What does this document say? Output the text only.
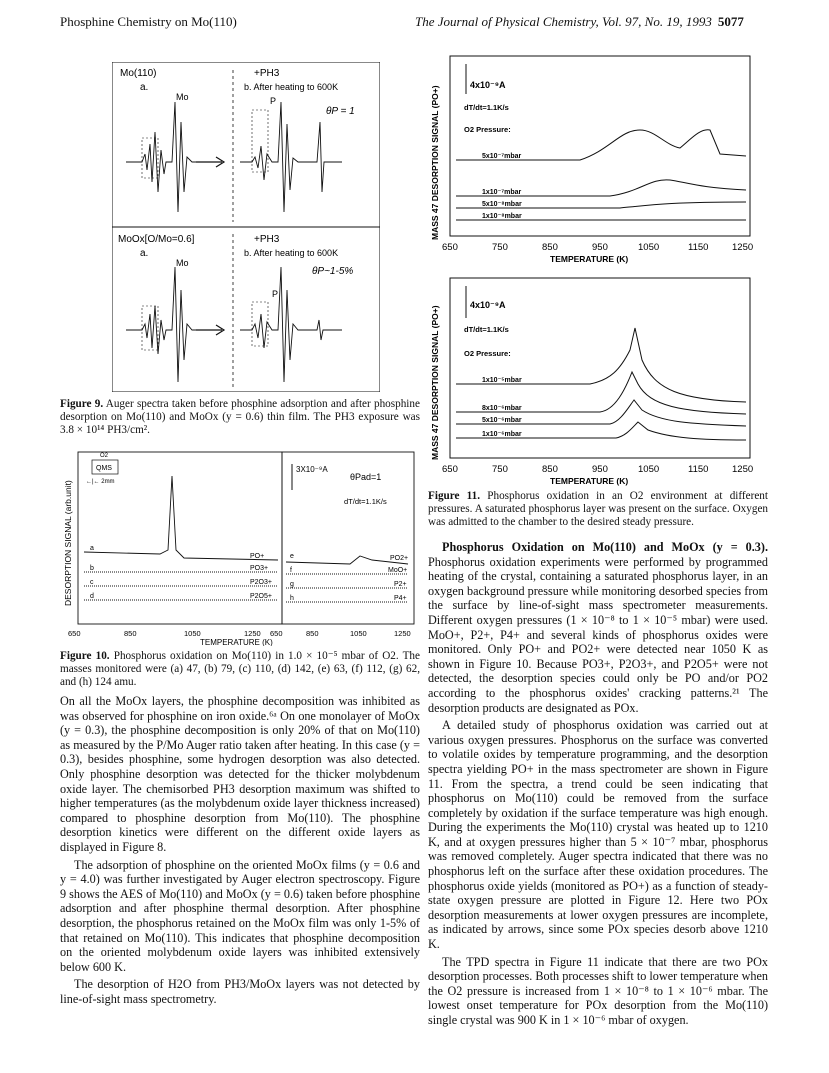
Phosphine Chemistry on Mo(110)	The Journal of Physical Chemistry, Vol. 97, No. 19, 1993 5077
Mo(110)
a.
Mo
+PH3
b. After heating to 600K
P
θP = 1
MoOx[O/Mo=0.6]
a.
Mo
+PH3
b. After heating to 600K
P
θP~1-5%
Figure 9. Auger spectra taken before phosphine adsorption and after phosphine desorption on Mo(110) and MoOx (y = 0.6) thin film. The PH3 exposure was 3.8 × 10¹⁴ PH3/cm².
DESORPTION SIGNAL (arb.unit)
QMS
O2
←|← 2mm
3X10⁻⁹A
θPad=1
dT/dt=1.1K/s
a
b
c
d
PO+
PO3+
P2O3+
P2O5+
e
f
g
h
PO2+
MoO+
P2+
P4+
650	850	1050	1250 650	850	1050	1250
TEMPERATURE (K)
Figure 10. Phosphorus oxidation on Mo(110) in 1.0 × 10⁻⁵ mbar of O2. The masses monitored were (a) 47, (b) 79, (c) 110, (d) 142, (e) 63, (f) 112, (g) 62, and (h) 124 amu.

On all the MoOx layers, the phosphine decomposition was inhibited as was observed for phosphine on iron oxide.⁶ᵃ On one monolayer of MoOx (y = 0.3), the phosphine decomposition is only 20% of that on Mo(110) as measured by the P/Mo Auger ratio taken after heating. In this case (y = 0.3), besides phosphine, some hydrogen desorption was also detected. Only phosphine desorption was detected for the thicker molybdenum oxide layer. The chemisorbed PH3 desorption maximum was shifted to higher temperatures (as the molybdenum oxide layer thickness increased) compared to phosphine desorption from Mo(110). The phosphine desorption kinetics were different on the different oxide layers as displayed in Figure 8.

The adsorption of phosphine on the oriented MoOx films (y = 0.6 and y = 4.0) was further investigated by Auger electron spectroscopy. Figure 9 shows the AES of Mo(110) and MoOx (y = 0.6) taken before phosphine adsorption and after phosphine thermal desorption. After phosphine desorption, the phosphorus retained on the MoOx film was only 1-5% of that retained on Mo(110). This indicates that phosphine decomposition on the oriented molybdenum oxide layers was inhibited extensively below 600 K.

The desorption of H2O from PH3/MoOx layers was not detected by line-of-sight mass spectrometry.

MASS 47 DESORPTION SIGNAL (PO+)
4x10⁻⁹A
dT/dt=1.1K/s
O2 Pressure:
5x10⁻⁷mbar
1x10⁻⁷mbar
5x10⁻⁸mbar
1x10⁻⁸mbar
650	750	850	950	1050	1150 1250
TEMPERATURE (K)
MASS 47 DESORPTION SIGNAL (PO+)
4x10⁻⁹A
dT/dt=1.1K/s
O2 Pressure:
1x10⁻⁵mbar
8x10⁻⁶mbar
5x10⁻⁶mbar
1x10⁻⁶mbar
650	750	850	950	1050	1150 1250
TEMPERATURE (K)
Figure 11. Phosphorus oxidation in an O2 environment at different pressures. A saturated phosphorus layer was present on the surface. Oxygen was admitted to the chamber to the desired steady pressure.

Phosphorus Oxidation on Mo(110) and MoOx (y = 0.3). Phosphorus oxidation experiments were performed by programmed heating of the crystal, containing a saturated phosphorus layer, in an oxygen background pressure while monitoring desorbed species from the surface by line-of-sight mass spectrometer measurements. Different oxygen pressures (1 × 10⁻⁸ to 1 × 10⁻⁵ mbar) were used. MoO+, P2+, P4+ and several kinds of phosphorus oxides were monitored. Only PO+ and PO2+ were detected near 1050 K as shown in Figure 10. Because PO3+, P2O3+, and P2O5+ were not detected, the desorption species could only be PO and/or PO2 according to the phosphorus oxides' cracking patterns.²¹ The desorption products are designated as POx.

A detailed study of phosphorus oxidation was carried out at various oxygen pressures. Phosphorus on the surface was converted to volatile oxides by temperature programming, and the desorption spectra yielding PO+ in the mass spectrometer are shown in Figure 11. From the spectra, a trend could be seen indicating that phosphorus on Mo(110) could be removed from the surface completely by oxidation if the surface temperature was high enough. During the experiments the Mo(110) crystal was heated up to 1210 K, and at oxygen pressures higher than 5 × 10⁻⁷ mbar, phosphorus was removed completely. Auger spectra indicated that there was no phosphorus left on the surface after these oxidation procedures. The phosphorus oxide yields (monitored as PO+) as a function of steady-state oxygen pressure are plotted in Figure 12. Here two POx desorption measurements at lower oxygen pressures are incomplete, as indicated by arrows, since some POx species desorb above 1210 K.

The TPD spectra in Figure 11 indicate that there are two POx desorption processes. Both processes shift to lower temperature when the O2 pressure is increased from 1 × 10⁻⁸ to 1 × 10⁻⁶ mbar. The lowest onset temperature for POx desorption from the Mo(110) single crystal was 900 K in 1 × 10⁻⁶ mbar of oxygen.
